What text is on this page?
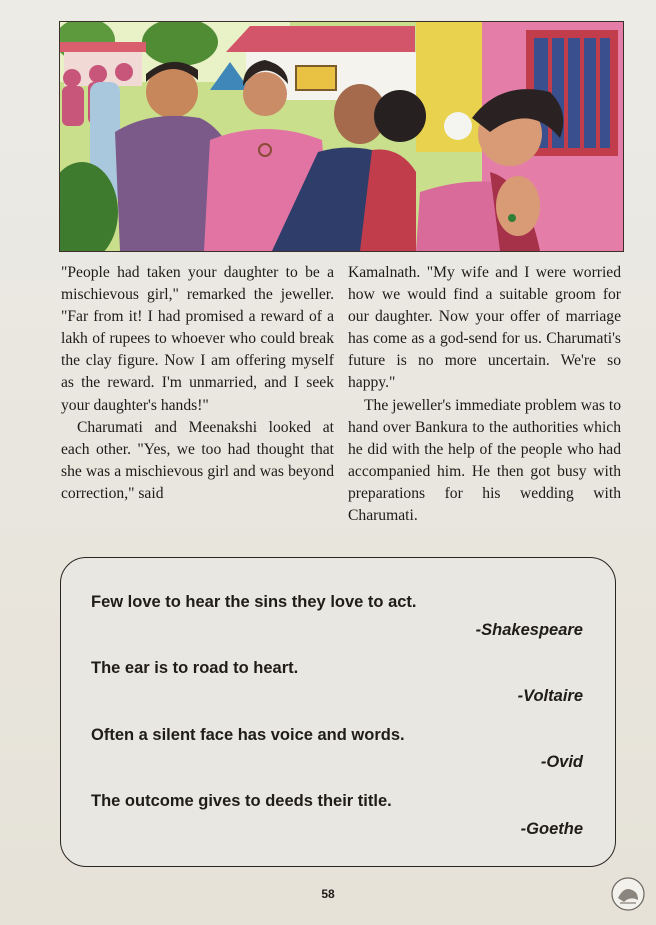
"People had taken your daughter to be a mischievous girl," remarked the jeweller. "Far from it! I had promised a reward of a lakh of rupees to whoever who could break the clay figure. Now I am offering myself as the reward. I'm unmarried, and I seek your daughter's hands!"

Charumati and Meenakshi looked at each other. "Yes, we too had thought that she was a mischievous girl and was beyond correction," said

Kamalnath. "My wife and I were worried how we would find a suitable groom for our daughter. Now your offer of marriage has come as a god-send for us. Charumati's future is no more uncertain. We're so happy."

The jeweller's immediate problem was to hand over Bankura to the authorities which he did with the help of the people who had accompanied him. He then got busy with preparations for his wedding with Charumati.

Few love to hear the sins they love to act.
-Shakespeare
The ear is to road to heart.
-Voltaire
Often a silent face has voice and words.
-Ovid
The outcome gives to deeds their title.
-Goethe
58
